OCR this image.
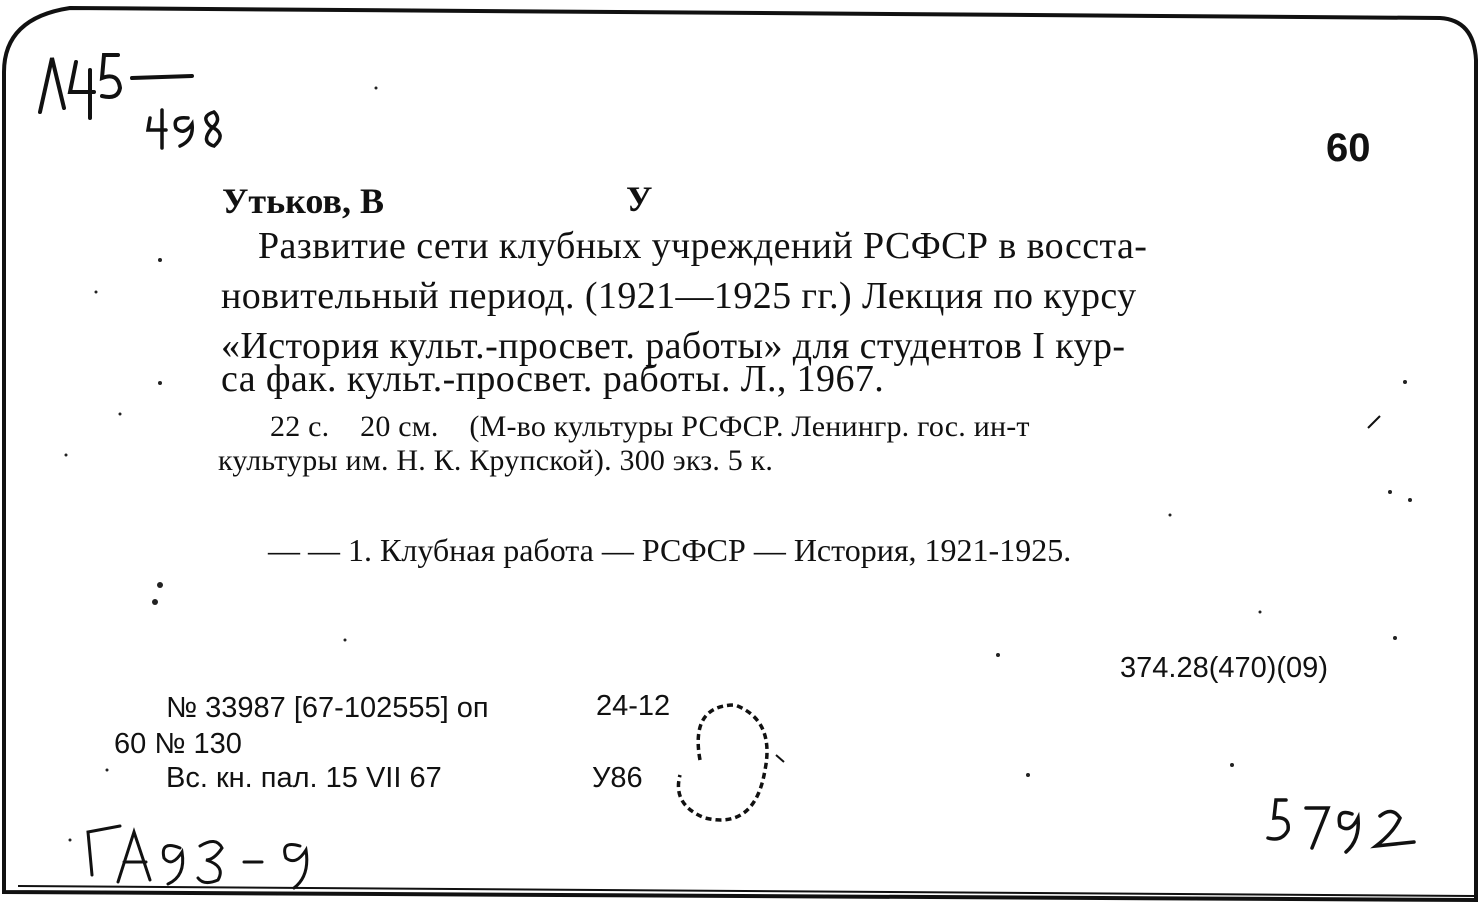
60
Утьков, В	У
Развитие сети клубных учреждений РСФСР в восста-
новительный период. (1921—1925 гг.) Лекция по курсу
«История культ.-просвет. работы» для студентов I кур-
са фак. культ.-просвет. работы. Л., 1967.
22 с.    20 см.    (М-во культуры РСФСР. Ленингр. гос. ин-т
культуры им. Н. К. Крупской). 300 экз. 5 к.
— — 1. Клубная работа — РСФСР — История, 1921-1925.
374.28(470)(09)
№ 33987 [67-102555] оп	24-12
60 № 130
Вс. кн. пал. 15 VII 67	У86
